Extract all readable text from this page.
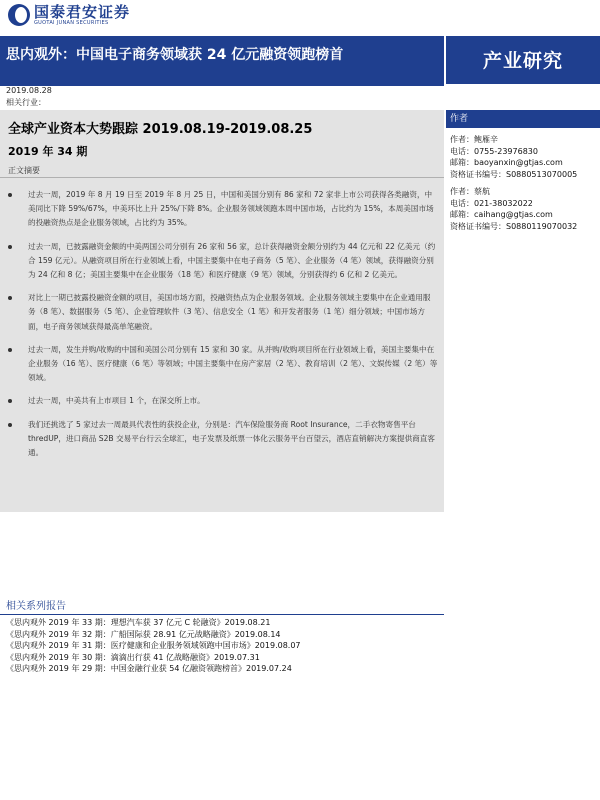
国泰君安证券
GUOTAI JUNAN SECURITIES
思内观外：中国电子商务领域获 24 亿元融资领跑榜首	产业研究
2019.08.28
相关行业：
全球产业资本大势跟踪 2019.08.19-2019.08.25
2019 年 34 期
正文摘要
过去一周，2019 年 8 月 19 日至 2019 年 8 月 25 日，中国和美国分别有 86 家和 72 家非上市公司获得各类融资，中美同比下降 59%/67%，中美环比上升 25%/下降 8%。企业服务领域领跑本周中国市场，占比约为 15%，本周美国市场的投融资热点是企业服务领域，占比约为 35%。
过去一周，已披露融资金额的中美两国公司分别有 26 家和 56 家，总计获得融资金额分别约为 44 亿元和 22 亿美元（约合 159 亿元）。从融资项目所在行业领域上看，中国主要集中在电子商务（5 笔）、企业服务（4 笔）领域，获得融资分别为 24 亿和 8 亿；美国主要集中在企业服务（18 笔）和医疗健康（9 笔）领域，分别获得约 6 亿和 2 亿美元。
对比上一期已披露投融资金额的项目，美国市场方面，投融资热点为企业服务领域。企业服务领域主要集中在企业通用服务（8 笔）、数据服务（5 笔）、企业管理软件（3 笔）、信息安全（1 笔）和开发者服务（1 笔）细分领域；中国市场方面，电子商务领域获得最高单笔融资。
过去一周，发生并购/收购的中国和美国公司分别有 15 家和 30 家。从并购/收购项目所在行业领域上看，美国主要集中在企业服务（16 笔）、医疗健康（6 笔）等领域；中国主要集中在房产家居（2 笔）、教育培训（2 笔）、文娱传媒（2 笔）等领域。
过去一周，中美共有上市项目 1 个，在深交所上市。
我们还挑选了 5 家过去一周最具代表性的获投企业，分别是：汽车保险服务商 Root Insurance，二手衣物寄售平台 thredUP，进口商品 S2B 交易平台行云全球汇，电子发票及纸票一体化云服务平台百望云，酒店直销解决方案提供商直客通。
作者
作者：鲍雁辛
电话：0755-23976830
邮箱：baoyanxin@gtjas.com
资格证书编号：S0880513070005
作者：蔡航
电话：021-38032022
邮箱：caihang@gtjas.com
资格证书编号：S0880119070032
相关系列报告
《思内观外 2019 年 33 期：理想汽车获 37 亿元 C 轮融资》2019.08.21
《思内观外 2019 年 32 期：广船国际获 28.91 亿元战略融资》2019.08.14
《思内观外 2019 年 31 期：医疗健康和企业服务领域领跑中国市场》2019.08.07
《思内观外 2019 年 30 期：滴滴出行获 41 亿战略融资》2019.07.31
《思内观外 2019 年 29 期：中国金融行业获 54 亿融资领跑榜首》2019.07.24
